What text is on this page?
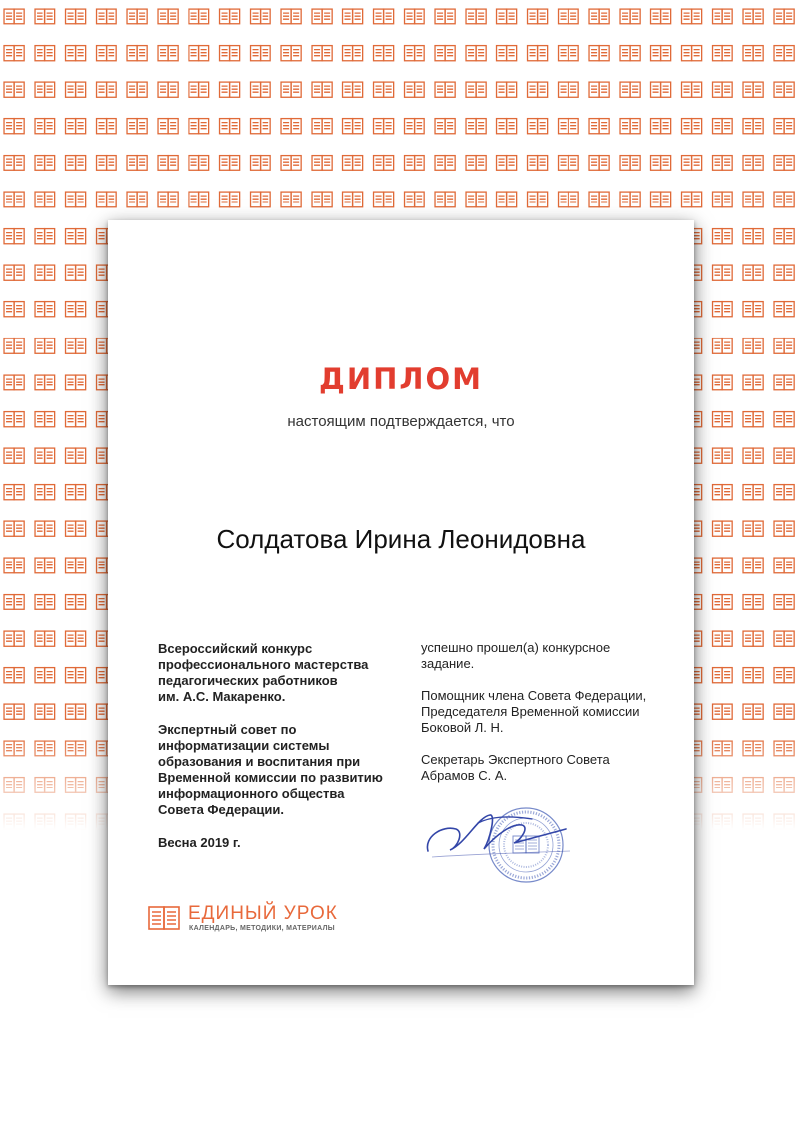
ДИПЛОМ
настоящим подтверждается, что
Солдатова Ирина Леонидовна

Всероссийский конкурс
профессионального мастерства
педагогических работников
им. А.С. Макаренко.

Экспертный совет по
информатизации системы
образования и воспитания при
Временной комиссии по развитию
информационного общества
Совета Федерации.

Весна 2019 г.

успешно прошел(а) конкурсное
задание.

Помощник члена Совета Федерации,
Председателя Временной комиссии
Боковой Л. Н.

Секретарь Экспертного Совета
Абрамов С. А.

ЕДИНЫЙ УРОК
КАЛЕНДАРЬ, МЕТОДИКИ, МАТЕРИАЛЫ
